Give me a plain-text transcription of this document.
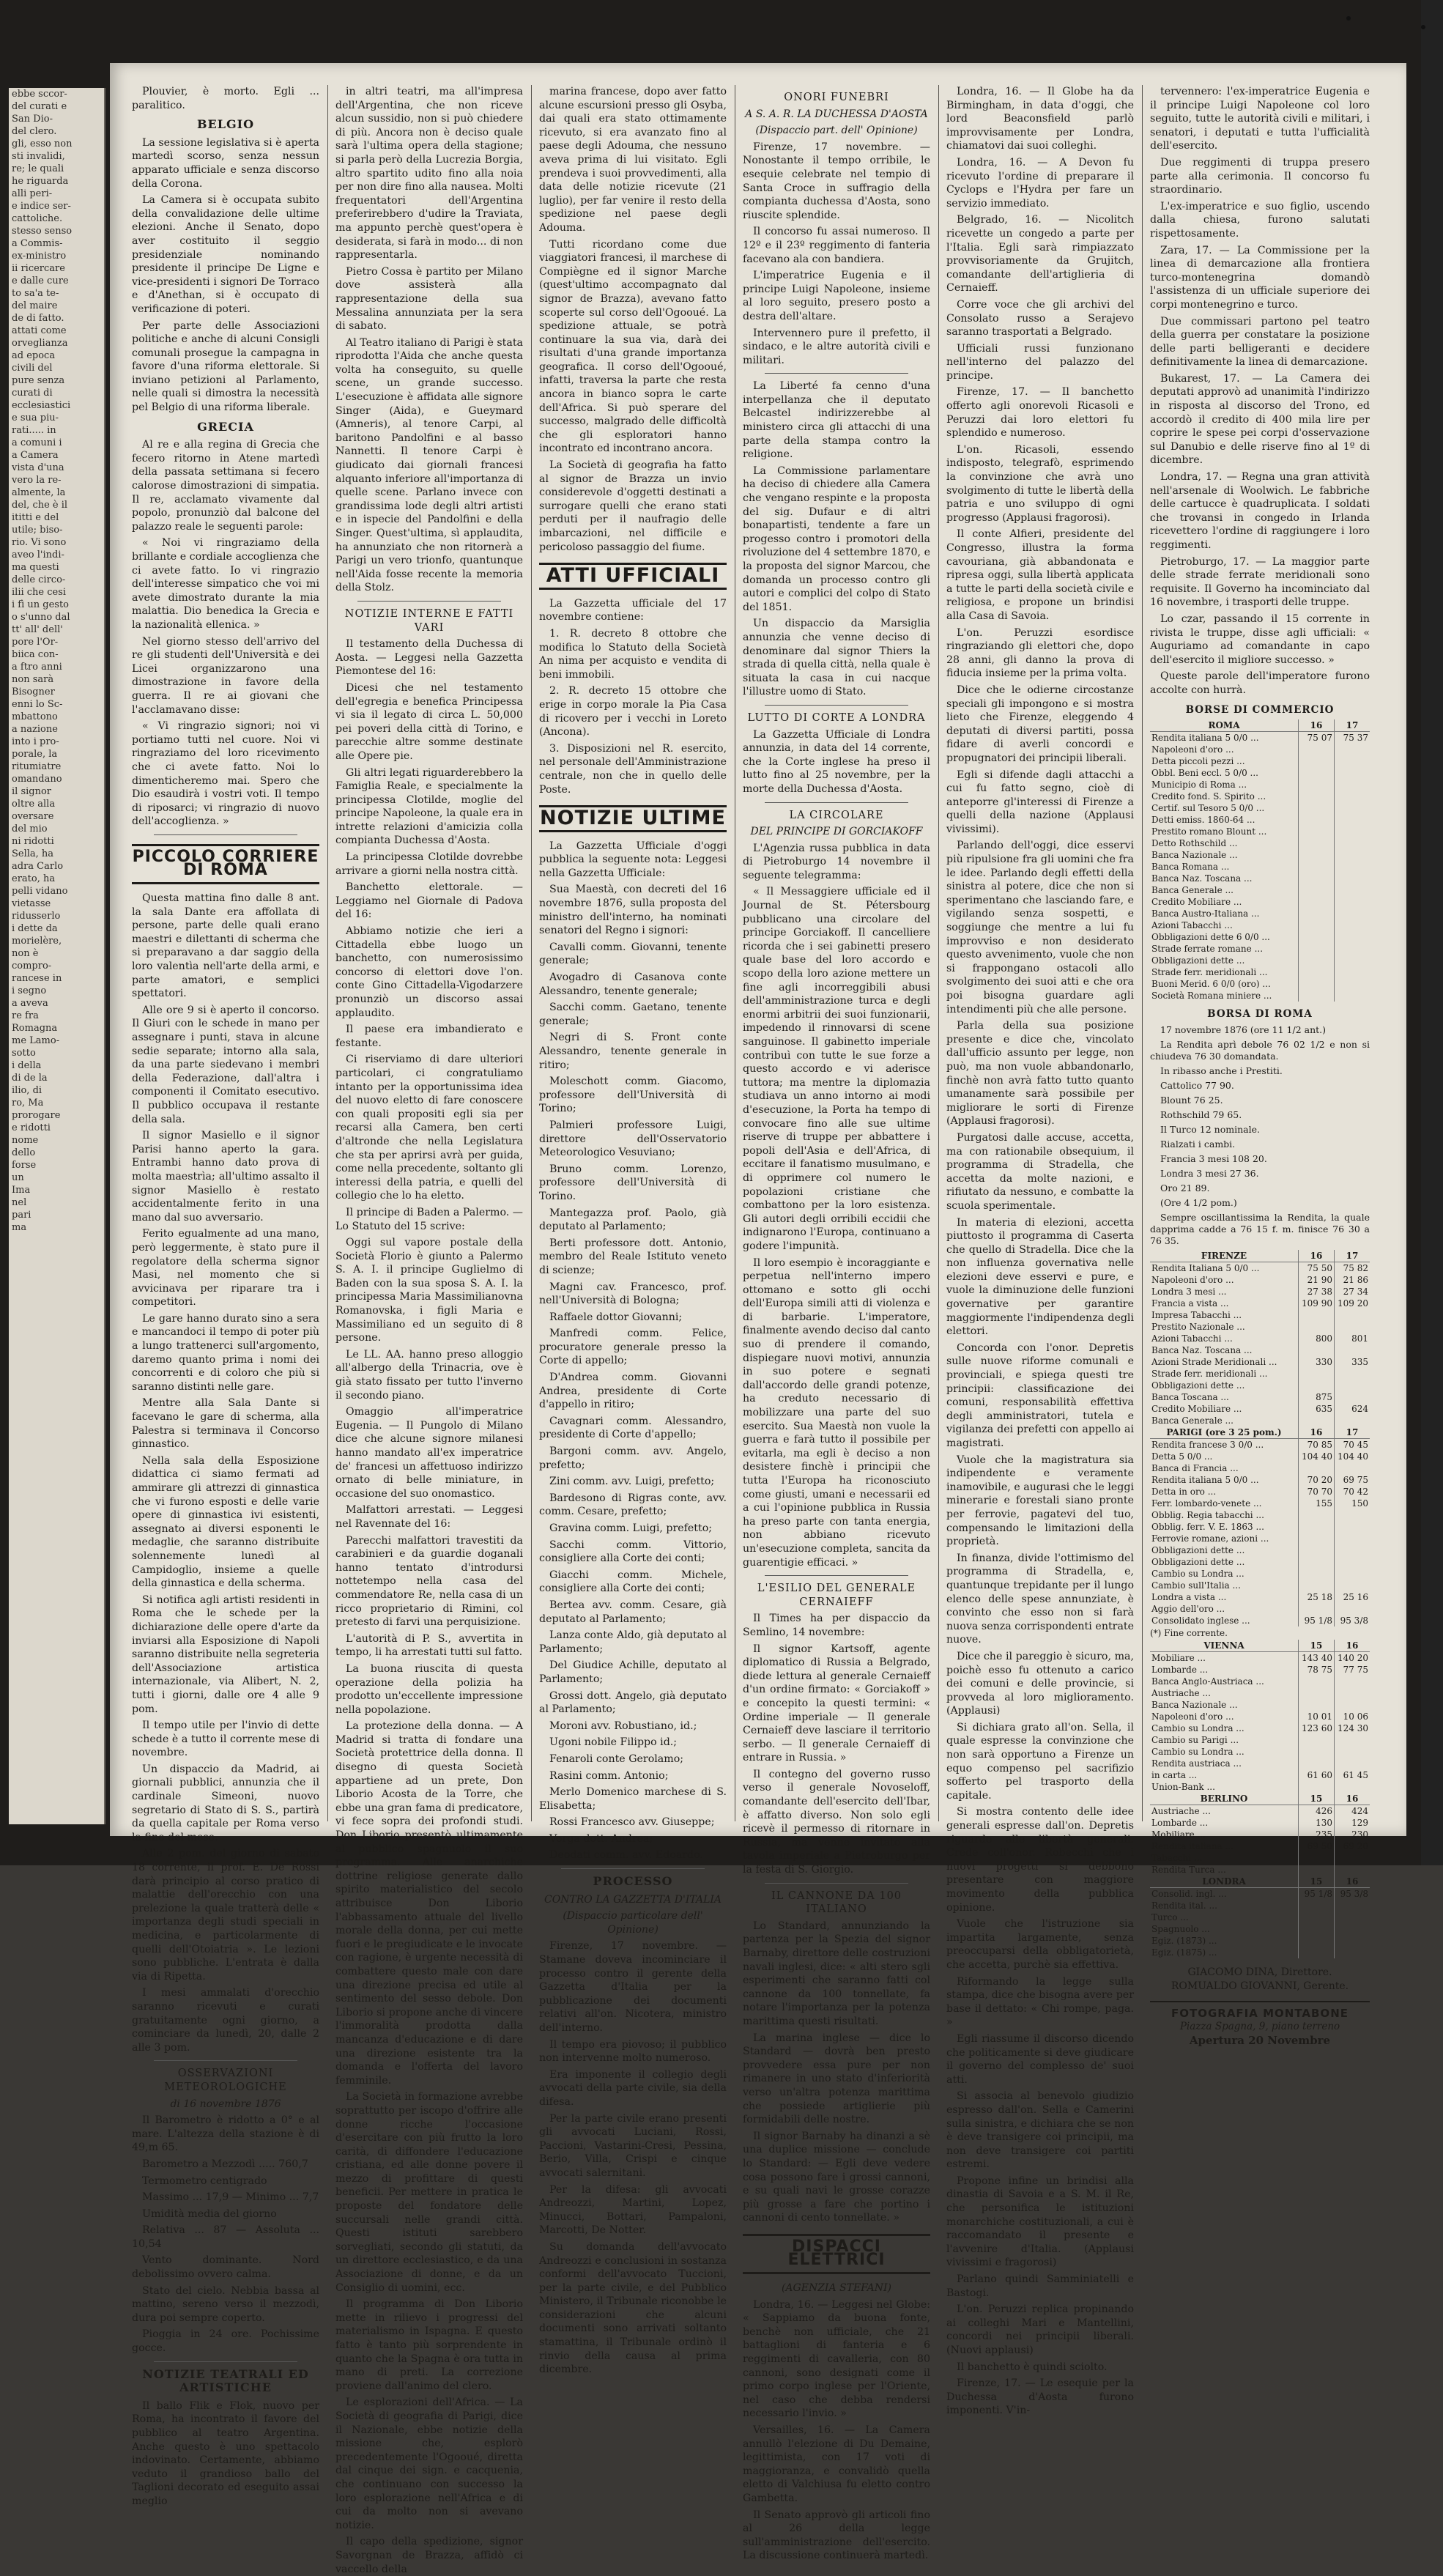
ebbe sccor-

del curati e

San Dio-

del clero.

gli, esso non

sti invalidi,

re; le quali

he riguarda

alli peri-

e indice ser-

cattoliche.

stesso senso

a Commis-

ex-ministro

ii ricercare

e dalle cure

to sa'a te-

del maire

de di fatto.

attati come

orveglianza

ad epoca

civili del

pure senza

curati di

ecclesiastici

e sua piu-

rati..... in

a comuni i

a Camera

vista d'una

vero la re-

almente, la

del, che è il

ititti e del

utile; biso-

rio. Vi sono

aveo l'indi-

ma questi

delle circo-

ilii che cesi

i fì un gesto

o s'unno dal

tt' all' dell'

pore l'Or-

biica con-

a ftro anni

non sarà

Bisogner

enni lo Sc-

mbattono

a nazione

into i pro-

porale, la

ritumiatre

omandano

il signor

oltre alla

oversare

del mio

ni ridotti

Sella, ha

adra Carlo

erato, ha

pelli vidano

vietasse

ridusserlo

i dette da

morielère,

non è

compro-

rancese in

i segno

a aveva

re fra

Romagna

me Lamo-

sotto

i della

di de la

ilio, di

ro, Ma

prorogare

e ridotti

nome

dello

forse

un

Ima

nel

pari

ma

Plouvier, è morto. Egli ... paralitico.

BELGIO

La sessione legislativa si è aperta martedì scorso, senza nessun apparato ufficiale e senza discorso della Corona.

La Camera si è occupata subito della convalidazione delle ultime elezioni. Anche il Senato, dopo aver costituito il seggio presidenziale nominando presidente il principe De Ligne e vice-presidenti i signori De Torraco e d'Anethan, si è occupato di verificazione di poteri.

Per parte delle Associazioni politiche e anche di alcuni Consigli comunali prosegue la campagna in favore d'una riforma elettorale. Si inviano petizioni al Parlamento, nelle quali si dimostra la necessità pel Belgio di una riforma liberale.

GRECIA

Al re e alla regina di Grecia che fecero ritorno in Atene martedì della passata settimana si fecero calorose dimostrazioni di simpatia. Il re, acclamato vivamente dal popolo, pronunziò dal balcone del palazzo reale le seguenti parole:

« Noi vi ringraziamo della brillante e cordiale accoglienza che ci avete fatto. Io vi ringrazio dell'interesse simpatico che voi mi avete dimostrato durante la mia malattia. Dio benedica la Grecia e la nazionalità ellenica. »

Nel giorno stesso dell'arrivo del re gli studenti dell'Università e dei Licei organizzarono una dimostrazione in favore della guerra. Il re ai giovani che l'acclamavano disse:

« Vi ringrazio signori; noi vi portiamo tutti nel cuore. Noi vi ringraziamo del loro ricevimento che ci avete fatto. Noi lo dimenticheremo mai. Spero che Dio esaudirà i vostri voti. Il tempo di riposarci; vi ringrazio di nuovo dell'accoglienza. »

PICCOLO CORRIERE DI ROMA

Questa mattina fino dalle 8 ant. la sala Dante era affollata di persone, parte delle quali erano maestri e dilettanti di scherma che si preparavano a dar saggio della loro valentìa nell'arte della armi, e parte amatori, e semplici spettatori.

Alle ore 9 si è aperto il concorso. Il Giuri con le schede in mano per assegnare i punti, stava in alcune sedie separate; intorno alla sala, da una parte siedevano i membri della Federazione, dall'altra i componenti il Comitato esecutivo. Il pubblico occupava il restante della sala.

Il signor Masiello e il signor Parisi hanno aperto la gara. Entrambi hanno dato prova di molta maestrìa; all'ultimo assalto il signor Masiello è restato accidentalmente ferito in una mano dal suo avversario.

Ferito egualmente ad una mano, però leggermente, è stato pure il regolatore della scherma signor Masi, nel momento che si avvicinava per riparare tra i competitori.

Le gare hanno durato sino a sera e mancandoci il tempo di poter più a lungo trattenerci sull'argomento, daremo quanto prima i nomi dei concorrenti e di coloro che più si saranno distinti nelle gare.

Mentre alla Sala Dante si facevano le gare di scherma, alla Palestra si terminava il Concorso ginnastico.

Nella sala della Esposizione didattica ci siamo fermati ad ammirare gli attrezzi di ginnastica che vi furono esposti e delle varie opere di ginnastica ivi esistenti, assegnato ai diversi esponenti le medaglie, che saranno distribuite solennemente lunedì al Campidoglio, insieme a quelle della ginnastica e della scherma.

Si notifica agli artisti residenti in Roma che le schede per la dichiarazione delle opere d'arte da inviarsi alla Esposizione di Napoli saranno distribuite nella segreteria dell'Associazione artistica internazionale, via Alibert, N. 2, tutti i giorni, dalle ore 4 alle 9 pom.

Il tempo utile per l'invio di dette schede è a tutto il corrente mese di novembre.

Un dispaccio da Madrid, ai giornali pubblici, annunzia che il cardinale Simeoni, nuovo segretario di Stato di S. S., partirà da quella capitale per Roma verso la fine del mese.

Alle 2 pom. del giorno di sabato 18 corrente, il prof. E. De Rossi darà principio al corso pratico di malattie dell'orecchio con una prelezione la quale tratterà delle « importanza degli studi speciali in medicina, e particolarmente di quelli dell'Otoiatria ». Le lezioni sono pubbliche. L'entrata è dalla via di Ripetta.

I mesi ammalati d'orecchio saranno ricevuti e curati gratuitamente ogni giorno, a cominciare da lunedì, 20, dalle 2 alle 3 pom.

OSSERVAZIONI METEOROLOGICHE
di 16 novembre 1876

Il Barometro è ridotto a 0° e al mare. L'altezza della stazione è di 49,m 65.

Barometro a Mezzodì ..... 760,7

Termometro centigrado

Massimo ... 17,9 — Minimo ... 7,7

Umidità media del giorno

Relativa ... 87 — Assoluta ... 10,54

Vento dominante. Nord debolissimo ovvero calma.

Stato del cielo. Nebbia bassa al mattino, sereno verso il mezzodì, dura poi sempre coperto.

Pioggia in 24 ore. Pochissime gocce.

NOTIZIE TEATRALI ED ARTISTICHE

Il ballo Flik e Flok, nuovo per Roma, ha incontrato il favore del pubblico al teatro Argentina. Anche questo è uno spettacolo indovinato. Certamente, abbiamo veduto il grandioso ballo del Taglioni decorato ed eseguito assai meglio

in altri teatri, ma all'impresa dell'Argentina, che non riceve alcun sussidio, non si può chiedere di più. Ancora non è deciso quale sarà l'ultima opera della stagione; si parla però della Lucrezia Borgia, altro spartito udito fino alla noia per non dire fino alla nausea. Molti frequentatori dell'Argentina preferirebbero d'udire la Traviata, ma appunto perchè quest'opera è desiderata, si farà in modo... di non rappresentarla.

Pietro Cossa è partito per Milano dove assisterà alla rappresentazione della sua Messalina annunziata per la sera di sabato.

Al Teatro italiano di Parigi è stata riprodotta l'Aida che anche questa volta ha conseguito, su quelle scene, un grande successo. L'esecuzione è affidata alle signore Singer (Aida), e Gueymard (Amneris), al tenore Carpi, al baritono Pandolfini e al basso Nannetti. Il tenore Carpi è giudicato dai giornali francesi alquanto inferiore all'importanza di quelle scene. Parlano invece con grandissima lode degli altri artisti e in ispecie del Pandolfini e della Singer. Quest'ultima, sì applaudita, ha annunziato che non ritornerà a Parigi un vero trionfo, quantunque nell'Aida fosse recente la memoria della Stolz.

NOTIZIE INTERNE E FATTI VARI

Il testamento della Duchessa di Aosta. — Leggesi nella Gazzetta Piemontese del 16:

Dicesi che nel testamento dell'egregia e benefica Principessa vi sia il legato di circa L. 50,000 pei poveri della città di Torino, e parecchie altre somme destinate alle Opere pie.

Gli altri legati riguarderebbero la Famiglia Reale, e specialmente la principessa Clotilde, moglie del principe Napoleone, la quale era in intrette relazioni d'amicizia colla compianta Duchessa d'Aosta.

La principessa Clotilde dovrebbe arrivare a giorni nella nostra città.

Banchetto elettorale. — Leggiamo nel Giornale di Padova del 16:

Abbiamo notizie che ieri a Cittadella ebbe luogo un banchetto, con numerosissimo concorso di elettori dove l'on. conte Gino Cittadella-Vigodarzere pronunziò un discorso assai applaudito.

Il paese era imbandierato e festante.

Ci riserviamo di dare ulteriori particolari, ci congratuliamo intanto per la opportunissima idea del nuovo eletto di fare conoscere con quali propositi egli sia per recarsi alla Camera, ben certi d'altronde che nella Legislatura che sta per aprirsi avrà per guida, come nella precedente, soltanto gli interessi della patria, e quelli del collegio che lo ha eletto.

Il principe di Baden a Palermo. — Lo Statuto del 15 scrive:

Oggi sul vapore postale della Società Florio è giunto a Palermo S. A. I. il principe Guglielmo di Baden con la sua sposa S. A. I. la principessa Maria Massimilianovna Romanovska, i figli Maria e Massimiliano ed un seguito di 8 persone.

Le LL. AA. hanno preso alloggio all'albergo della Trinacria, ove è già stato fissato per tutto l'inverno il secondo piano.

Omaggio all'imperatrice Eugenia. — Il Pungolo di Milano dice che alcune signore milanesi hanno mandato all'ex imperatrice de' francesi un affettuoso indirizzo ornato di belle miniature, in occasione del suo onomastico.

Malfattori arrestati. — Leggesi nel Ravennate del 16:

Parecchi malfattori travestiti da carabinieri e da guardie doganali hanno tentato d'introdursi nottetempo nella casa del commendatore Re, nella casa di un ricco proprietario di Rimini, col pretesto di farvi una perquisizione.

L'autorità di P. S., avvertita in tempo, li ha arrestati tutti sul fatto.

La buona riuscita di questa operazione della polizia ha prodotto un'eccellente impressione nella popolazione.

La protezione della donna. — A Madrid si tratta di fondare una Società protettrice della donna. Il disegno di questa Società appartiene ad un prete, Don Liborio Acosta de la Torre, che ebbe una gran fama di predicatore, vi fece sopra dei profondi studi. Don Liborio presentò ultimamente al pubblico spagnuolo il suo programma. Alle anarchiche dottrine religiose generate dallo spirito materialistico del secolo attribuisce Don Liborio l'abbassamento attuale del livello morale della donna, per cui mette fuori e le pregiudicate e le invocate con ragione, è urgente necessità di combattere questo male con dare una direzione precisa ed utile al sentimento del sesso debole. Don Liborio si propone anche di vincere l'immoralità prodotta dalla mancanza d'educazione e di dare una direzione esistente tra la domanda e l'offerta del lavoro femminile.

La Società in formazione avrebbe soprattutto per iscopo d'offrire alle donne ricche l'occasione d'esercitare con più frutto la loro carità, di diffondere l'educazione cristiana, ed alle donne povere il mezzo di profittare di questi beneficii. Per mettere in pratica le proposte del fondatore delle succursali nelle grandi città. Questi istituti sarebbero sorvegliati, secondo gli statuti, da un direttore ecclesiastico, e da una Associazione di donne, e da un Consiglio di uomini, ecc.

Il programma di Don Liborio mette in rilievo i progressi del materialismo in Ispagna. E questo fatto è tanto più sorprendente in quanto che la Spagna è ora tutta in mano di preti. La correzione proviene dall'animo del clero.

Le esplorazioni dell'Africa. — La Società di geografia di Parigi, dice il Nazionale, ebbe notizie della missione che, esplorò precedentemente l'Ogooué, diretta dal cinque dei sign. e cacquenia, che continuano con successo la loro esplorazione nell'Africa e di cui da molto non si avevano notizie.

Il capo della spedizione, signor Savorgnan de Brazza, affidò ci vaccello della

marina francese, dopo aver fatto alcune escursioni presso gli Osyba, dai quali era stato ottimamente ricevuto, si era avanzato fino al paese degli Adouma, che nessuno aveva prima di lui visitato. Egli prendeva i suoi provvedimenti, alla data delle notizie ricevute (21 luglio), per far venire il resto della spedizione nel paese degli Adouma.

Tutti ricordano come due viaggiatori francesi, il marchese di Compiègne ed il signor Marche (quest'ultimo accompagnato dal signor de Brazza), avevano fatto scoperte sul corso dell'Ogooué. La spedizione attuale, se potrà continuare la sua via, darà dei risultati d'una grande importanza geografica. Il corso dell'Ogooué, infatti, traversa la parte che resta ancora in bianco sopra le carte dell'Africa. Si può sperare del successo, malgrado delle difficoltà che gli esploratori hanno incontrato ed incontrano ancora.

La Società di geografia ha fatto al signor de Brazza un invio considerevole d'oggetti destinati a surrogare quelli che erano stati perduti per il naufragio delle imbarcazioni, nel difficile e pericoloso passaggio del fiume.

ATTI UFFICIALI

La Gazzetta ufficiale del 17 novembre contiene:

1. R. decreto 8 ottobre che modifica lo Statuto della Società An nima per acquisto e vendita di beni immobili.

2. R. decreto 15 ottobre che erige in corpo morale la Pia Casa di ricovero per i vecchi in Loreto (Ancona).

3. Disposizioni nel R. esercito, nel personale dell'Amministrazione centrale, non che in quello delle Poste.

NOTIZIE ULTIME

La Gazzetta Ufficiale d'oggi pubblica la seguente nota: Leggesi nella Gazzetta Ufficiale:

Sua Maestà, con decreti del 16 novembre 1876, sulla proposta del ministro dell'interno, ha nominati senatori del Regno i signori:

Cavalli comm. Giovanni, tenente generale;

Avogadro di Casanova conte Alessandro, tenente generale;

Sacchi comm. Gaetano, tenente generale;

Negri di S. Front conte Alessandro, tenente generale in ritiro;

Moleschott comm. Giacomo, professore dell'Università di Torino;

Palmieri professore Luigi, direttore dell'Osservatorio Meteorologico Vesuviano;

Bruno comm. Lorenzo, professore dell'Università di Torino.

Mantegazza prof. Paolo, già deputato al Parlamento;

Berti professore dott. Antonio, membro del Reale Istituto veneto di scienze;

Magni cav. Francesco, prof. nell'Università di Bologna;

Raffaele dottor Giovanni;

Manfredi comm. Felice, procuratore generale presso la Corte di appello;

D'Andrea comm. Giovanni Andrea, presidente di Corte d'appello in ritiro;

Cavagnari comm. Alessandro, presidente di Corte d'appello;

Bargoni comm. avv. Angelo, prefetto;

Zini comm. avv. Luigi, prefetto;

Bardesono di Rigras conte, avv. comm. Cesare, prefetto;

Gravina comm. Luigi, prefetto;

Sacchi comm. Vittorio, consigliere alla Corte dei conti;

Giacchi comm. Michele, consigliere alla Corte dei conti;

Bertea avv. comm. Cesare, già deputato al Parlamento;

Lanza conte Aldo, già deputato al Parlamento;

Del Giudice Achille, deputato al Parlamento;

Grossi dott. Angelo, già deputato al Parlamento;

Moroni avv. Robustiano, id.;

Ugoni nobile Filippo id.;

Fenaroli conte Gerolamo;

Rasini comm. Antonio;

Merlo Domenico marchese di S. Elisabetta;

Rossi Francesco avv. Giuseppe;

Vorga dott. Andrea;

Deodati comm. avv. Edoardo.

PROCESSO
CONTRO LA GAZZETTA D'ITALIA
(Dispaccio particolare dell' Opinione)

Firenze, 17 novembre. — Stamane doveva incominciare il processo contro il gerente della Gazzetta d'Italia per la pubblicazione dei documenti relativi all'on. Nicotera, ministro dell'interno.

Il tempo era piovoso; il pubblico non intervenne molto numeroso.

Era imponente il collegio degli avvocati della parte civile, sia della difesa.

Per la parte civile erano presenti gli avvocati Luciani, Rossi, Paccioni, Vastarini-Cresi, Pessina, Berio, Villa, Crispi e cinque avvocati salernitani.

Per la difesa: gli avvocati Andreozzi, Martini, Lopez, Minucci, Bottari, Pampaloni, Marcotti, De Notter.

Su domanda dell'avvocato Andreozzi e conclusioni in sostanza conformi dell'avvocato Tuccioni, per la parte civile, e del Pubblico Ministero, il Tribunale riconobbe le considerazioni che alcuni documenti sono arrivati soltanto stamattina, il Tribunale ordinò il rinvio della causa al prima dicembre.

ONORI FUNEBRI
A S. A. R. LA DUCHESSA D'AOSTA
(Dispaccio part. dell' Opinione)

Firenze, 17 novembre. — Nonostante il tempo orribile, le esequie celebrate nel tempio di Santa Croce in suffragio della compianta duchessa d'Aosta, sono riuscite splendide.

Il concorso fu assai numeroso. Il 12º e il 23º reggimento di fanteria facevano ala con bandiera.

L'imperatrice Eugenia e il principe Luigi Napoleone, insieme al loro seguito, presero posto a destra dell'altare.

Intervennero pure il prefetto, il sindaco, e le altre autorità civili e militari.

La Liberté fa cenno d'una interpellanza che il deputato Belcastel indirizzerebbe al ministero circa gli attacchi di una parte della stampa contro la religione.

La Commissione parlamentare ha deciso di chiedere alla Camera che vengano respinte e la proposta del sig. Dufaur e di altri bonapartisti, tendente a fare un progesso contro i promotori della rivoluzione del 4 settembre 1870, e la proposta del signor Marcou, che domanda un processo contro gli autori e complici del colpo di Stato del 1851.

Un dispaccio da Marsiglia annunzia che venne deciso di denominare dal signor Thiers la strada di quella città, nella quale è situata la casa in cui nacque l'illustre uomo di Stato.

LUTTO DI CORTE A LONDRA

La Gazzetta Ufficiale di Londra annunzia, in data del 14 corrente, che la Corte inglese ha preso il lutto fino al 25 novembre, per la morte della Duchessa d'Aosta.

LA CIRCOLARE
DEL PRINCIPE DI GORCIAKOFF

L'Agenzia russa pubblica in data di Pietroburgo 14 novembre il seguente telegramma:

« Il Messaggiere ufficiale ed il Journal de St. Pétersbourg pubblicano una circolare del principe Gorciakoff. Il cancelliere ricorda che i sei gabinetti presero quale base del loro accordo e scopo della loro azione mettere un fine agli incorreggibili abusi dell'amministrazione turca e degli enormi arbitrii dei suoi funzionarii, impedendo il rinnovarsi di scene sanguinose. Il gabinetto imperiale contribuì con tutte le sue forze a questo accordo e vi aderisce tuttora; ma mentre la diplomazia studiava un anno intorno ai modi d'esecuzione, la Porta ha tempo di convocare fino alle sue ultime riserve di truppe per abbattere i popoli dell'Asia e dell'Africa, di eccitare il fanatismo musulmano, e di opprimere col numero le popolazioni cristiane che combattono per la loro esistenza. Gli autori degli orribili eccidii che indignarono l'Europa, continuano a godere l'impunità.

Il loro esempio è incoraggiante e perpetua nell'interno impero ottomano e sotto gli occhi dell'Europa simili atti di violenza e di barbarie. L'imperatore, finalmente avendo deciso dal canto suo di prendere il comando, dispiegare nuovi motivi, annunzia in suo potere e segnati dall'accordo delle grandi potenze, ha creduto necessario di mobilizzare una parte del suo esercito. Sua Maestà non vuole la guerra e farà tutto il possibile per evitarla, ma egli è deciso a non desistere finchè i principii che tutta l'Europa ha riconosciuto come giusti, umani e necessarii ed a cui l'opinione pubblica in Russia ha preso parte con tanta energia, non abbiano ricevuto un'esecuzione completa, sancita da guarentigie efficaci. »

L'ESILIO DEL GENERALE CERNAIEFF

Il Times ha per dispaccio da Semlino, 14 novembre:

Il signor Kartsoff, agente diplomatico di Russia a Belgrado, diede lettura al generale Cernaieff d'un ordine firmato: « Gorciakoff » e concepito la questi termini: « Ordine imperiale — Il generale Cernaieff deve lasciare il territorio serbo. — Il generale Cernaieff di entrare in Russia. »

Il contegno del governo russo verso il generale Novoseloff, comandante dell'esercito dell'Ibar, è affatto diverso. Non solo egli ricevè il permesso di ritornare in Russia, ma venne invitato alla tavola imperiale a Pietroburgo per la festa di S. Giorgio.

IL CANNONE DA 100 ITALIANO

Lo Standard, annunziando la partenza per la Spezia del signor Barnaby, direttore delle costruzioni navali inglesi, dice: « alti stero sgli esperimenti che saranno fatti col cannone da 100 tonnellate, fa notare l'importanza per la potenza marittima questi risultati.

La marina inglese — dice lo Standard — dovrà ben presto provvedere essa pure per non rimanere in uno stato d'inferiorità verso un'altra potenza marittima che possiede artiglierie più formidabili delle nostre.

Il signor Barnaby ha dinanzi a sè una duplice missione — conclude lo Standard: — Egli deve vedere cosa possono fare i grossi cannoni, e su quali navi le grosse corazze più grosse a fare che portino i cannoni di cento tonnellate. »

DISPACCI ELETTRICI
(AGENZIA STEFANI)

Londra, 16. — Leggesi nel Globe: « Sappiamo da buona fonte, benchè non ufficiale, che 21 battaglioni di fanteria e 6 reggimenti di cavalleria, con 80 cannoni, sono designati come il primo corpo inglese per l'Oriente, nel caso che debba rendersi necessario l'invio. »

Versailles, 16. — La Camera annullò l'elezione di Du Demaine, legittimista, con 17 voti di maggioranza, e convalidò quella eletto di Valchiusa fu eletto contro Gambetta.

Il Senato approvò gli articoli fino al 26 della legge sull'amministrazione dell'esercito. La discussione continuerà martedì.

Londra, 16. — Il Globe ha da Birmingham, in data d'oggi, che lord Beaconsfield parlò improvvisamente per Londra, chiamatovi dai suoi colleghi.

Londra, 16. — A Devon fu ricevuto l'ordine di preparare il Cyclops e l'Hydra per fare un servizio immediato.

Belgrado, 16. — Nicolitch ricevette un congedo a parte per l'Italia. Egli sarà rimpiazzato provvisoriamente da Grujitch, comandante dell'artiglieria di Cernaieff.

Corre voce che gli archivi del Consolato russo a Serajevo saranno trasportati a Belgrado.

Ufficiali russi funzionano nell'interno del palazzo del principe.

Firenze, 17. — Il banchetto offerto agli onorevoli Ricasoli e Peruzzi dai loro elettori fu splendido e numeroso.

L'on. Ricasoli, essendo indisposto, telegrafò, esprimendo la convinzione che avrà uno svolgimento di tutte le libertà della patria e uno sviluppo di ogni progresso (Applausi fragorosi).

Il conte Alfieri, presidente del Congresso, illustra la forma cavouriana, già abbandonata e ripresa oggi, sulla libertà applicata a tutte le parti della società civile e religiosa, e propone un brindisi alla Casa di Savoia.

L'on. Peruzzi esordisce ringraziando gli elettori che, dopo 28 anni, gli danno la prova di fiducia insieme per la prima volta.

Dice che le odierne circostanze speciali gli impongono e si mostra lieto che Firenze, eleggendo 4 deputati di diversi partiti, possa fidare di averli concordi e propugnatori dei principii liberali.

Egli si difende dagli attacchi a cui fu fatto segno, cioè di anteporre gl'interessi di Firenze a quelli della nazione (Applausi vivissimi).

Parlando dell'oggi, dice esservi più ripulsione fra gli uomini che fra le idee. Parlando degli effetti della sinistra al potere, dice che non si sperimentano che lasciando fare, e vigilando senza sospetti, e soggiunge che mentre a lui fu improvviso e non desiderato questo avvenimento, vuole che non si frappongano ostacoli allo svolgimento dei suoi atti e che ora poi bisogna guardare agli intendimenti più che alle persone.

Parla della sua posizione presente e dice che, vincolato dall'ufficio assunto per legge, non può, ma non vuole abbandonarlo, finchè non avrà fatto tutto quanto umanamente sarà possibile per migliorare le sorti di Firenze (Applausi fragorosi).

Purgatosi dalle accuse, accetta, ma con rationabile obsequium, il programma di Stradella, che accetta da molte nazioni, e rifiutato da nessuno, e combatte la scuola sperimentale.

In materia di elezioni, accetta piuttosto il programma di Caserta che quello di Stradella. Dice che la non influenza governativa nelle elezioni deve esservi e pure, e vuole la diminuzione delle funzioni governative per garantire maggiormente l'indipendenza degli elettori.

Concorda con l'onor. Depretis sulle nuove riforme comunali e provinciali, e spiega questi tre principii: classificazione dei comuni, responsabilità effettiva degli amministratori, tutela e vigilanza dei prefetti con appello ai magistrati.

Vuole che la magistratura sia indipendente e veramente inamovibile, e augurasi che le leggi minerarie e forestali siano pronte per ferrovie, pagatevi del tuo, compensando le limitazioni della proprietà.

In finanza, divide l'ottimismo del programma di Stradella, e, quantunque trepidante per il lungo elenco delle spese annunziate, è convinto che esso non si farà nuova senza corrispondenti entrate nuove.

Dice che il pareggio è sicuro, ma, poichè esso fu ottenuto a carico dei comuni e delle provincie, si provveda al loro miglioramento. (Applausi)

Si dichiara grato all'on. Sella, il quale espresse la convinzione che non sarà opportuno a Firenze un equo compenso pel sacrifizio sofferto pel trasporto della capitale.

Si mostra contento delle idee generali espresse dall'on. Depretis riguardo alle libertà generali. Crede coll'onor. Robecchi che i nuovi progetti si debbono presentare con maggiore movimento della pubblica opinione.

Vuole che l'istruzione sia impartita largamente, senza preoccuparsi della obbligatorietà, che accetta, purchè sia effettiva.

Riformando la legge sulla stampa, dice che bisogna avere per base il dettato: « Chi rompe, paga. »

Egli riassume il discorso dicendo che politicamente si deve giudicare il governo del complesso de' suoi atti.

Si associa al benevolo giudizio espresso dall'on. Sella e Camerini sulla sinistra, e dichiara che se non è deve transigere coi principii, ma non deve transigere coi partiti estremi.

Propone infine un brindisi alla dinastia di Savoia e a S. M. il Re, che personifica le istituzioni monarchiche costituzionali, a cui è raccomandato il presente e l'avvenire d'Italia. (Applausi vivissimi e fragorosi)

Parlano quindi Samminiatelli e Bastogi.

L'on. Peruzzi replica propinando ai colleghi Mari e Mantellini, concordi nei principii liberali. (Nuovi applausi)

Il banchetto è quindi sciolto.

Firenze, 17. — Le esequie per la Duchessa d'Aosta furono imponenti. V'in-

tervennero: l'ex-imperatrice Eugenia e il principe Luigi Napoleone col loro seguito, tutte le autorità civili e militari, i senatori, i deputati e tutta l'ufficialità dell'esercito.

Due reggimenti di truppa presero parte alla cerimonia. Il concorso fu straordinario.

L'ex-imperatrice e suo figlio, uscendo dalla chiesa, furono salutati rispettosamente.

Zara, 17. — La Commissione per la linea di demarcazione alla frontiera turco-montenegrina domandò l'assistenza di un ufficiale superiore dei corpi montenegrino e turco.

Due commissari partono pel teatro della guerra per constatare la posizione delle parti belligeranti e decidere definitivamente la linea di demarcazione.

Bukarest, 17. — La Camera dei deputati approvò ad unanimità l'indirizzo in risposta al discorso del Trono, ed accordò il credito di 400 mila lire per coprire le spese pei corpi d'osservazione sul Danubio e delle riserve fino al 1º di dicembre.

Londra, 17. — Regna una gran attività nell'arsenale di Woolwich. Le fabbriche delle cartucce è quadruplicata. I soldati che trovansi in congedo in Irlanda ricevettero l'ordine di raggiungere i loro reggimenti.

Pietroburgo, 17. — La maggior parte delle strade ferrate meridionali sono requisite. Il Governo ha incominciato dal 16 novembre, i trasporti delle truppe.

Lo czar, passando il 15 corrente in rivista le truppe, disse agli ufficiali: « Auguriamo ad comandante in capo dell'esercito il migliore successo. »

Queste parole dell'imperatore furono accolte con hurrà.

BORSE DI COMMERCIO
ROMA	16	17
Rendita italiana 5 0/0 ...	75 07	75 37
Napoleoni d'oro ...		
Detta piccoli pezzi ...		
Obbl. Beni eccl. 5 0/0 ...		
Municipio di Roma ...		
Credito fond. S. Spirito ...		
Certif. sul Tesoro 5 0/0 ...		
Detti emiss. 1860-64 ...		
Prestito romano Blount ...		
Detto Rothschild ...		
Banca Nazionale ...		
Banca Romana ...		
Banca Naz. Toscana ...		
Banca Generale ...		
Credito Mobiliare ...		
Banca Austro-Italiana ...		
Azioni Tabacchi ...		
Obbligazioni dette 6 0/0 ...		
Strade ferrate romane ...		
Obbligazioni dette ...		
Strade ferr. meridionali ...		
Buoni Merid. 6 0/0 (oro) ...		
Società Romana miniere ...		
BORSA DI ROMA

17 novembre 1876 (ore 11 1/2 ant.)

La Rendita aprì debole 76 02 1/2 e non si chiudeva 76 30 domandata.

In ribasso anche i Prestiti.

Cattolico 77 90.

Blount 76 25.

Rothschild 79 65.

Il Turco 12 nominale.

Rialzati i cambi.

Francia 3 mesi 108 20.

Londra 3 mesi 27 36.

Oro 21 89.

(Ore 4 1/2 pom.)

Sempre oscillantissima la Rendita, la quale dapprima cadde a 76 15 f. m. finisce 76 30 a 76 35.

FIRENZE	16	17
Rendita Italiana 5 0/0 ...	75 50	75 82
Napoleoni d'oro ...	21 90	21 86
Londra 3 mesi ...	27 38	27 34
Francia a vista ...	109 90	109 20
Impresa Tabacchi ...		
Prestito Nazionale ...		
Azioni Tabacchi ...	800	801
Banca Naz. Toscana ...		
Azioni Strade Meridionali ...	330	335
Strade ferr. meridionali ...		
Obbligazioni dette ...		
Banca Toscana ...	875	
Credito Mobiliare ...	635	624
Banca Generale ...		
PARIGI (ore 3 25 pom.)	16	17
Rendita francese 3 0/0 ...	70 85	70 45
Detta 5 0/0 ...	104 40	104 40
Banca di Francia ...		
Rendita italiana 5 0/0 ...	70 20	69 75
Detta in oro ...	70 70	70 42
Ferr. lombardo-venete ...	155	150
Obblig. Regia tabacchi ...		
Obblig. ferr. V. E. 1863 ...		
Ferrovie romane, azioni ...		
Obbligazioni dette ...		
Obbligazioni dette ...		
Cambio su Londra ...		
Cambio sull'Italia ...		
Londra a vista ...	25 18	25 16
Aggio dell'oro ...		
Consolidato inglese ...	95 1/8	95 3/8

(*) Fine corrente.

VIENNA	15	16
Mobiliare ...	143 40	140 20
Lombarde ...	78 75	77 75
Banca Anglo-Austriaca ...		
Austriache ...		
Banca Nazionale ...		
Napoleoni d'oro ...	10 01	10 06
Cambio su Londra ...	123 60	124 30
Cambio su Parigi ...		
Cambio su Londra ...		
Rendita austriaca ...		
in carta ...	61 60	61 45
Union-Bank ...		
BERLINO	15	16
Austriache ...	426	424
Lombarde ...	130	129
Mobiliare ...	235	230
Rendita italiana ...	69 50	69 20
Tabacchi ...		
Rendita Turca ...		
LONDRA	15	16
Consolid. ingl. ...	95 1/8	95 3/8
Rendita ital. ...		
Turco ...		
Spagnuolo ...		
Egiz. (1873) ...		
Egiz. (1875) ...		
GIACOMO DINA, Direttore.
ROMUALDO GIOVANNI, Gerente.
FOTOGRAFIA MONTABONE
Piazza Spagna, 9, piano terreno
Apertura 20 Novembre
